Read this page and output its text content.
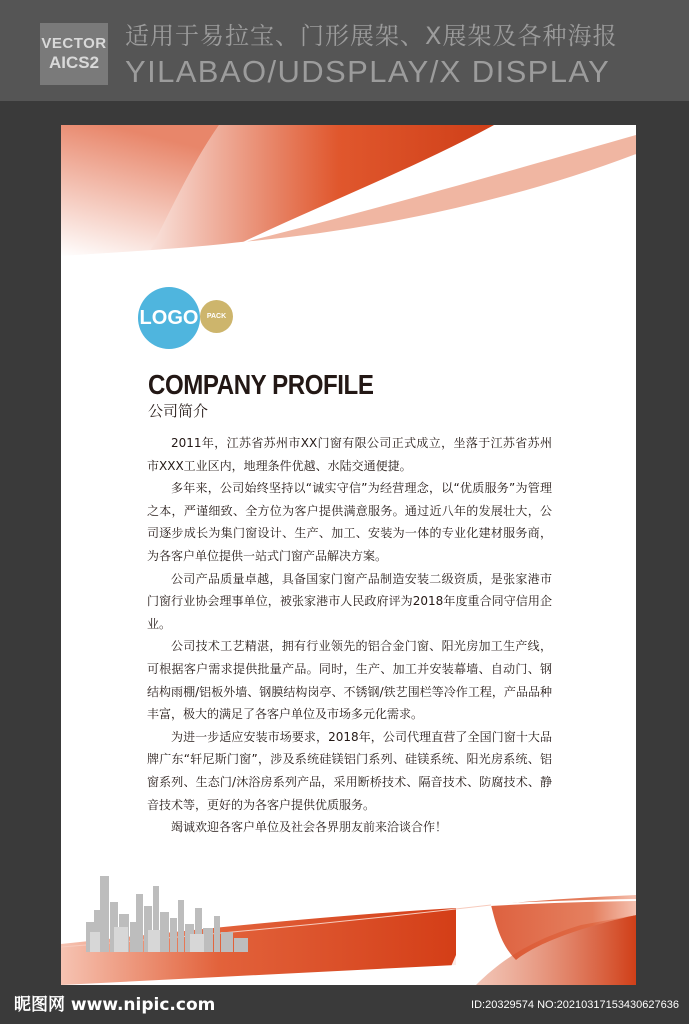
VECTOR
AICS2
适用于易拉宝、门形展架、X展架及各种海报
YILABAO/UDSPLAY/X DISPLAY
LOGO	PACK
COMPANY PROFILE
公司简介

2011年，江苏省苏州市XX门窗有限公司正式成立，坐落于江苏省苏州市XXX工业区内，地理条件优越、水陆交通便捷。

多年来，公司始终坚持以“诚实守信”为经营理念，以“优质服务”为管理之本，严谨细致、全方位为客户提供满意服务。通过近八年的发展壮大，公司逐步成长为集门窗设计、生产、加工、安装为一体的专业化建材服务商，为各客户单位提供一站式门窗产品解决方案。

公司产品质量卓越，具备国家门窗产品制造安装二级资质，是张家港市门窗行业协会理事单位，被张家港市人民政府评为2018年度重合同守信用企业。

公司技术工艺精湛，拥有行业领先的铝合金门窗、阳光房加工生产线，可根据客户需求提供批量产品。同时，生产、加工并安装幕墙、自动门、钢结构雨棚/铝板外墙、钢膜结构岗亭、不锈钢/铁艺围栏等冷作工程，产品品种丰富，极大的满足了各客户单位及市场多元化需求。

为进一步适应安装市场要求，2018年，公司代理直营了全国门窗十大品牌广东“轩尼斯门窗”，涉及系统硅镁铝门系列、硅镁系统、阳光房系统、铝窗系列、生态门/沐浴房系列产品，采用断桥技术、隔音技术、防腐技术、静音技术等，更好的为各客户提供优质服务。

竭诚欢迎各客户单位及社会各界朋友前来洽谈合作！

昵图网 www.nipic.com	ID:20329574 NO:20210317153430627636
